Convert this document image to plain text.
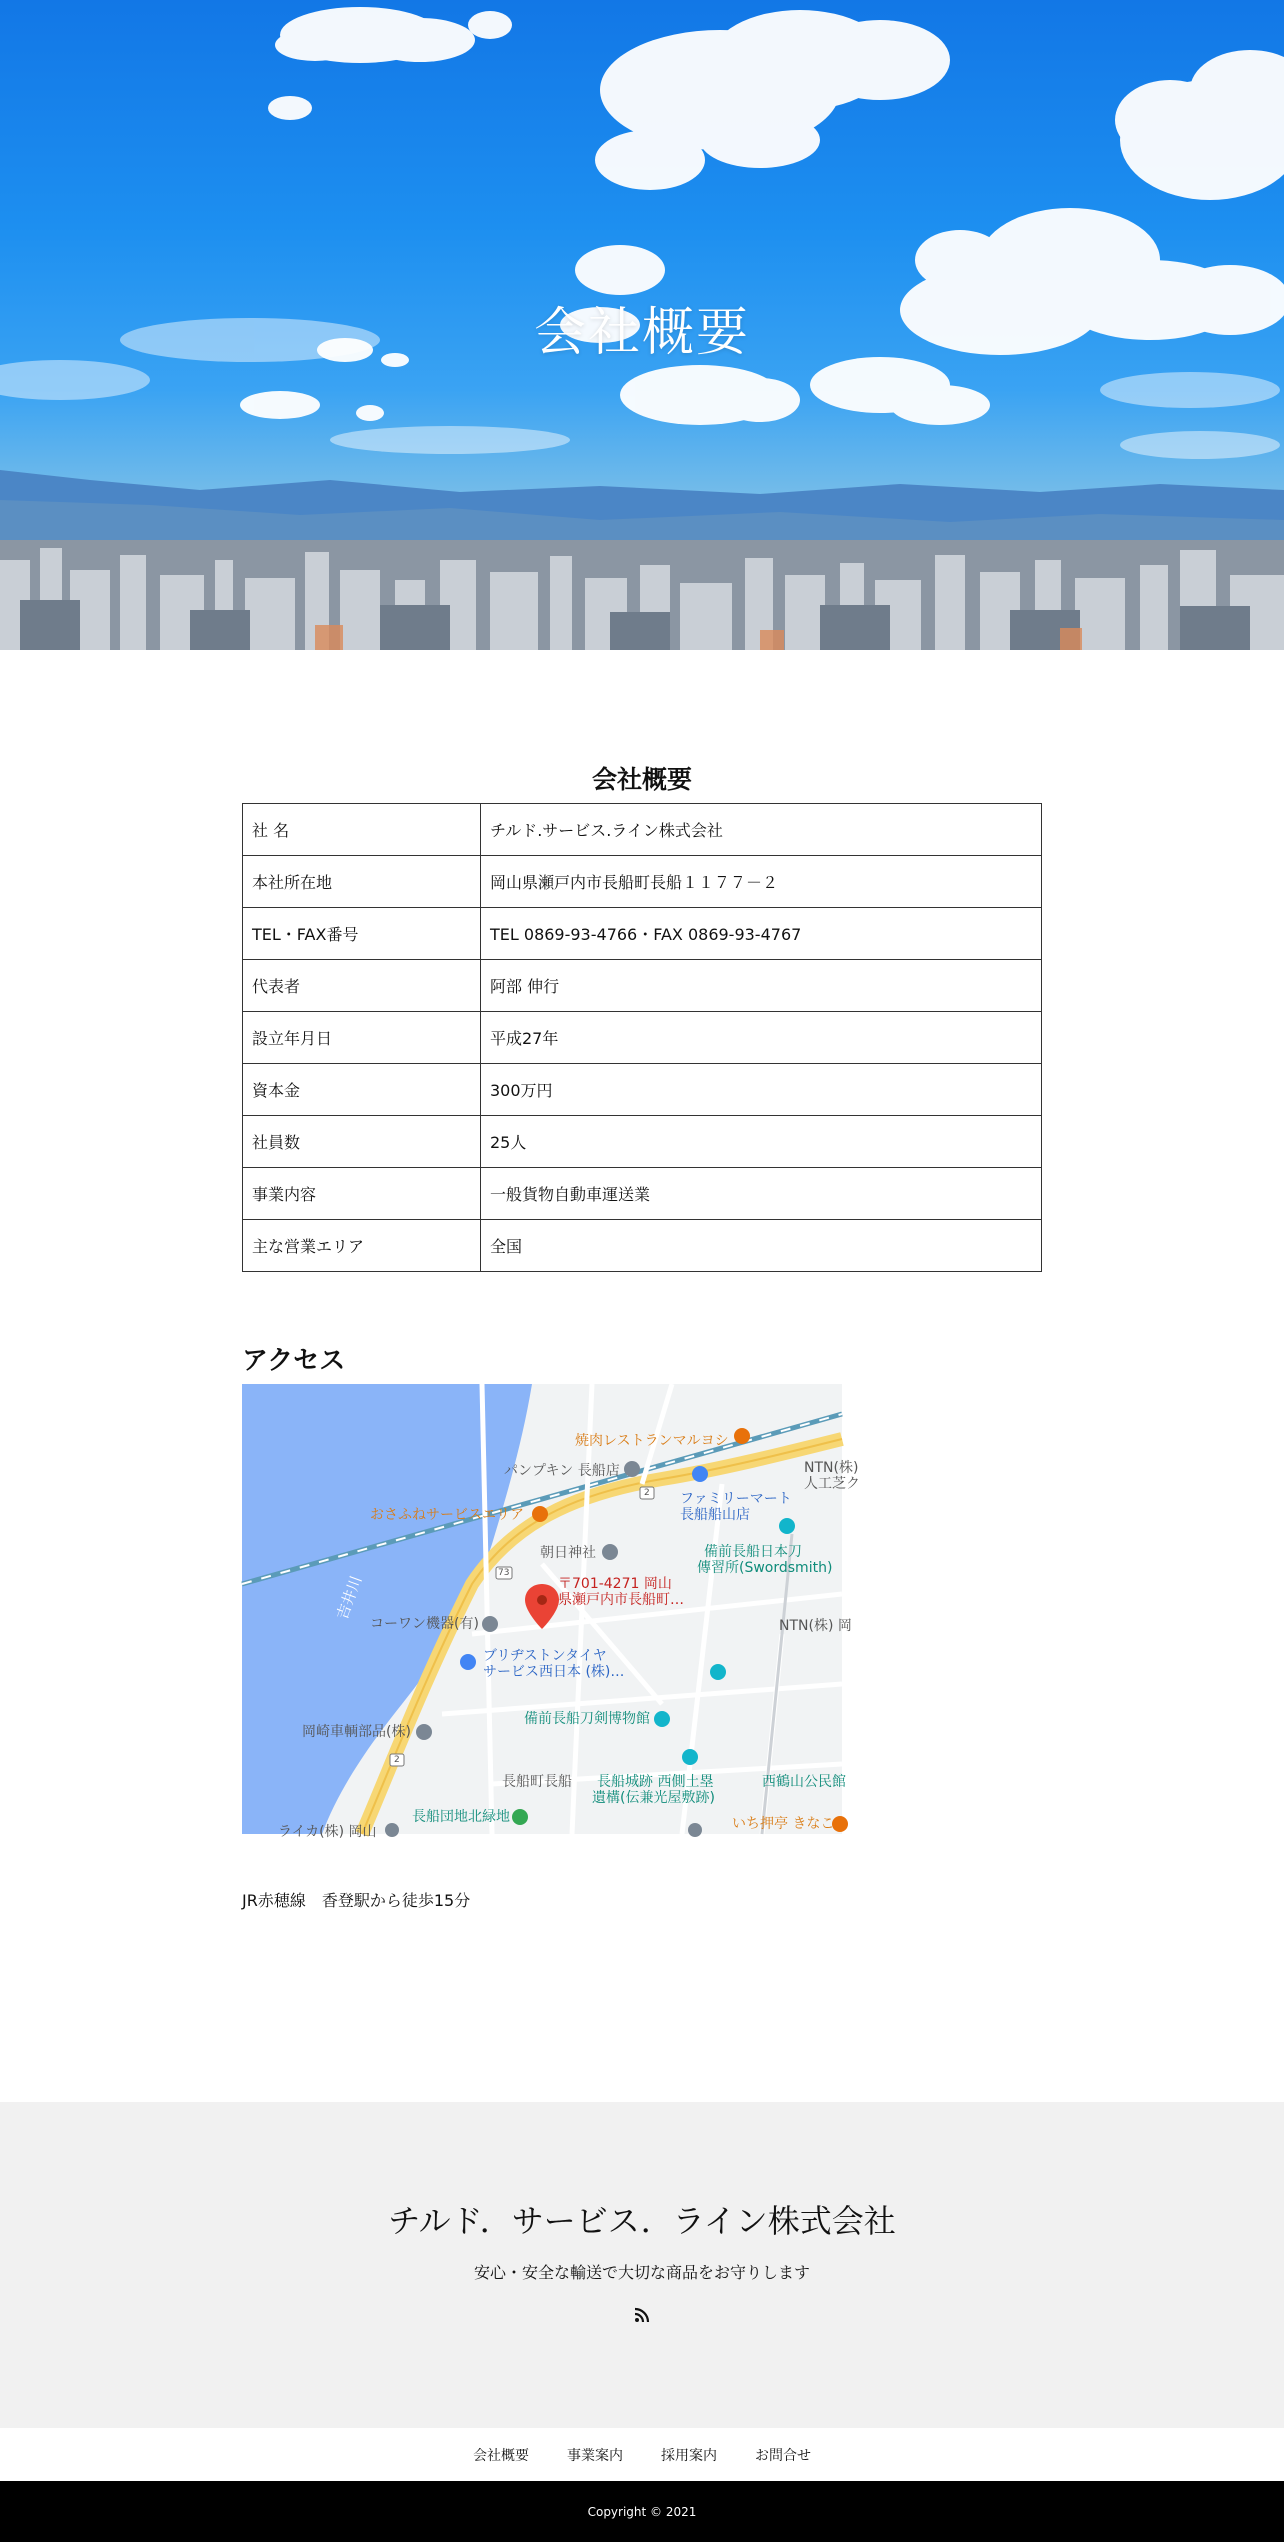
会社概要
会社概要
社 名	チルド.サービス.ライン株式会社
本社所在地	岡山県瀬戸内市長船町長船１１７７－２
TEL・FAX番号	TEL 0869-93-4766・FAX 0869-93-4767
代表者	阿部 伸行
設立年月日	平成27年
資本金	300万円
社員数	25人
事業内容	一般貨物自動車運送業
主な営業エリア	全国
アクセス
焼肉レストランマルヨシ
パンプキン 長船店	NTN(株)
人工芝ク
ファミリーマート
長船船山店
おさふねサービスエリア
朝日神社	備前長船日本刀
傳習所(Swordsmith)
〒701-4271 岡山
県瀬戸内市長船町…
NTN(株) 岡
吉井川
コーワン機器(有)
ブリヂストンタイヤ
サービス西日本 (株)…
備前長船刀剣博物館
岡崎車輌部品(株)
長船町長船 長船城跡 西側土塁
遺構(伝兼光屋敷跡)
西鶴山公民館
長船団地北緑地	いち押亭 きなこ
ライカ(株) 岡山
2
73
2

JR赤穂線　香登駅から徒歩15分

チルド．サービス．ライン株式会社
安心・安全な輸送で大切な商品をお守りします
会社概要	事業案内	採用案内	お問合せ
Copyright © 2021
